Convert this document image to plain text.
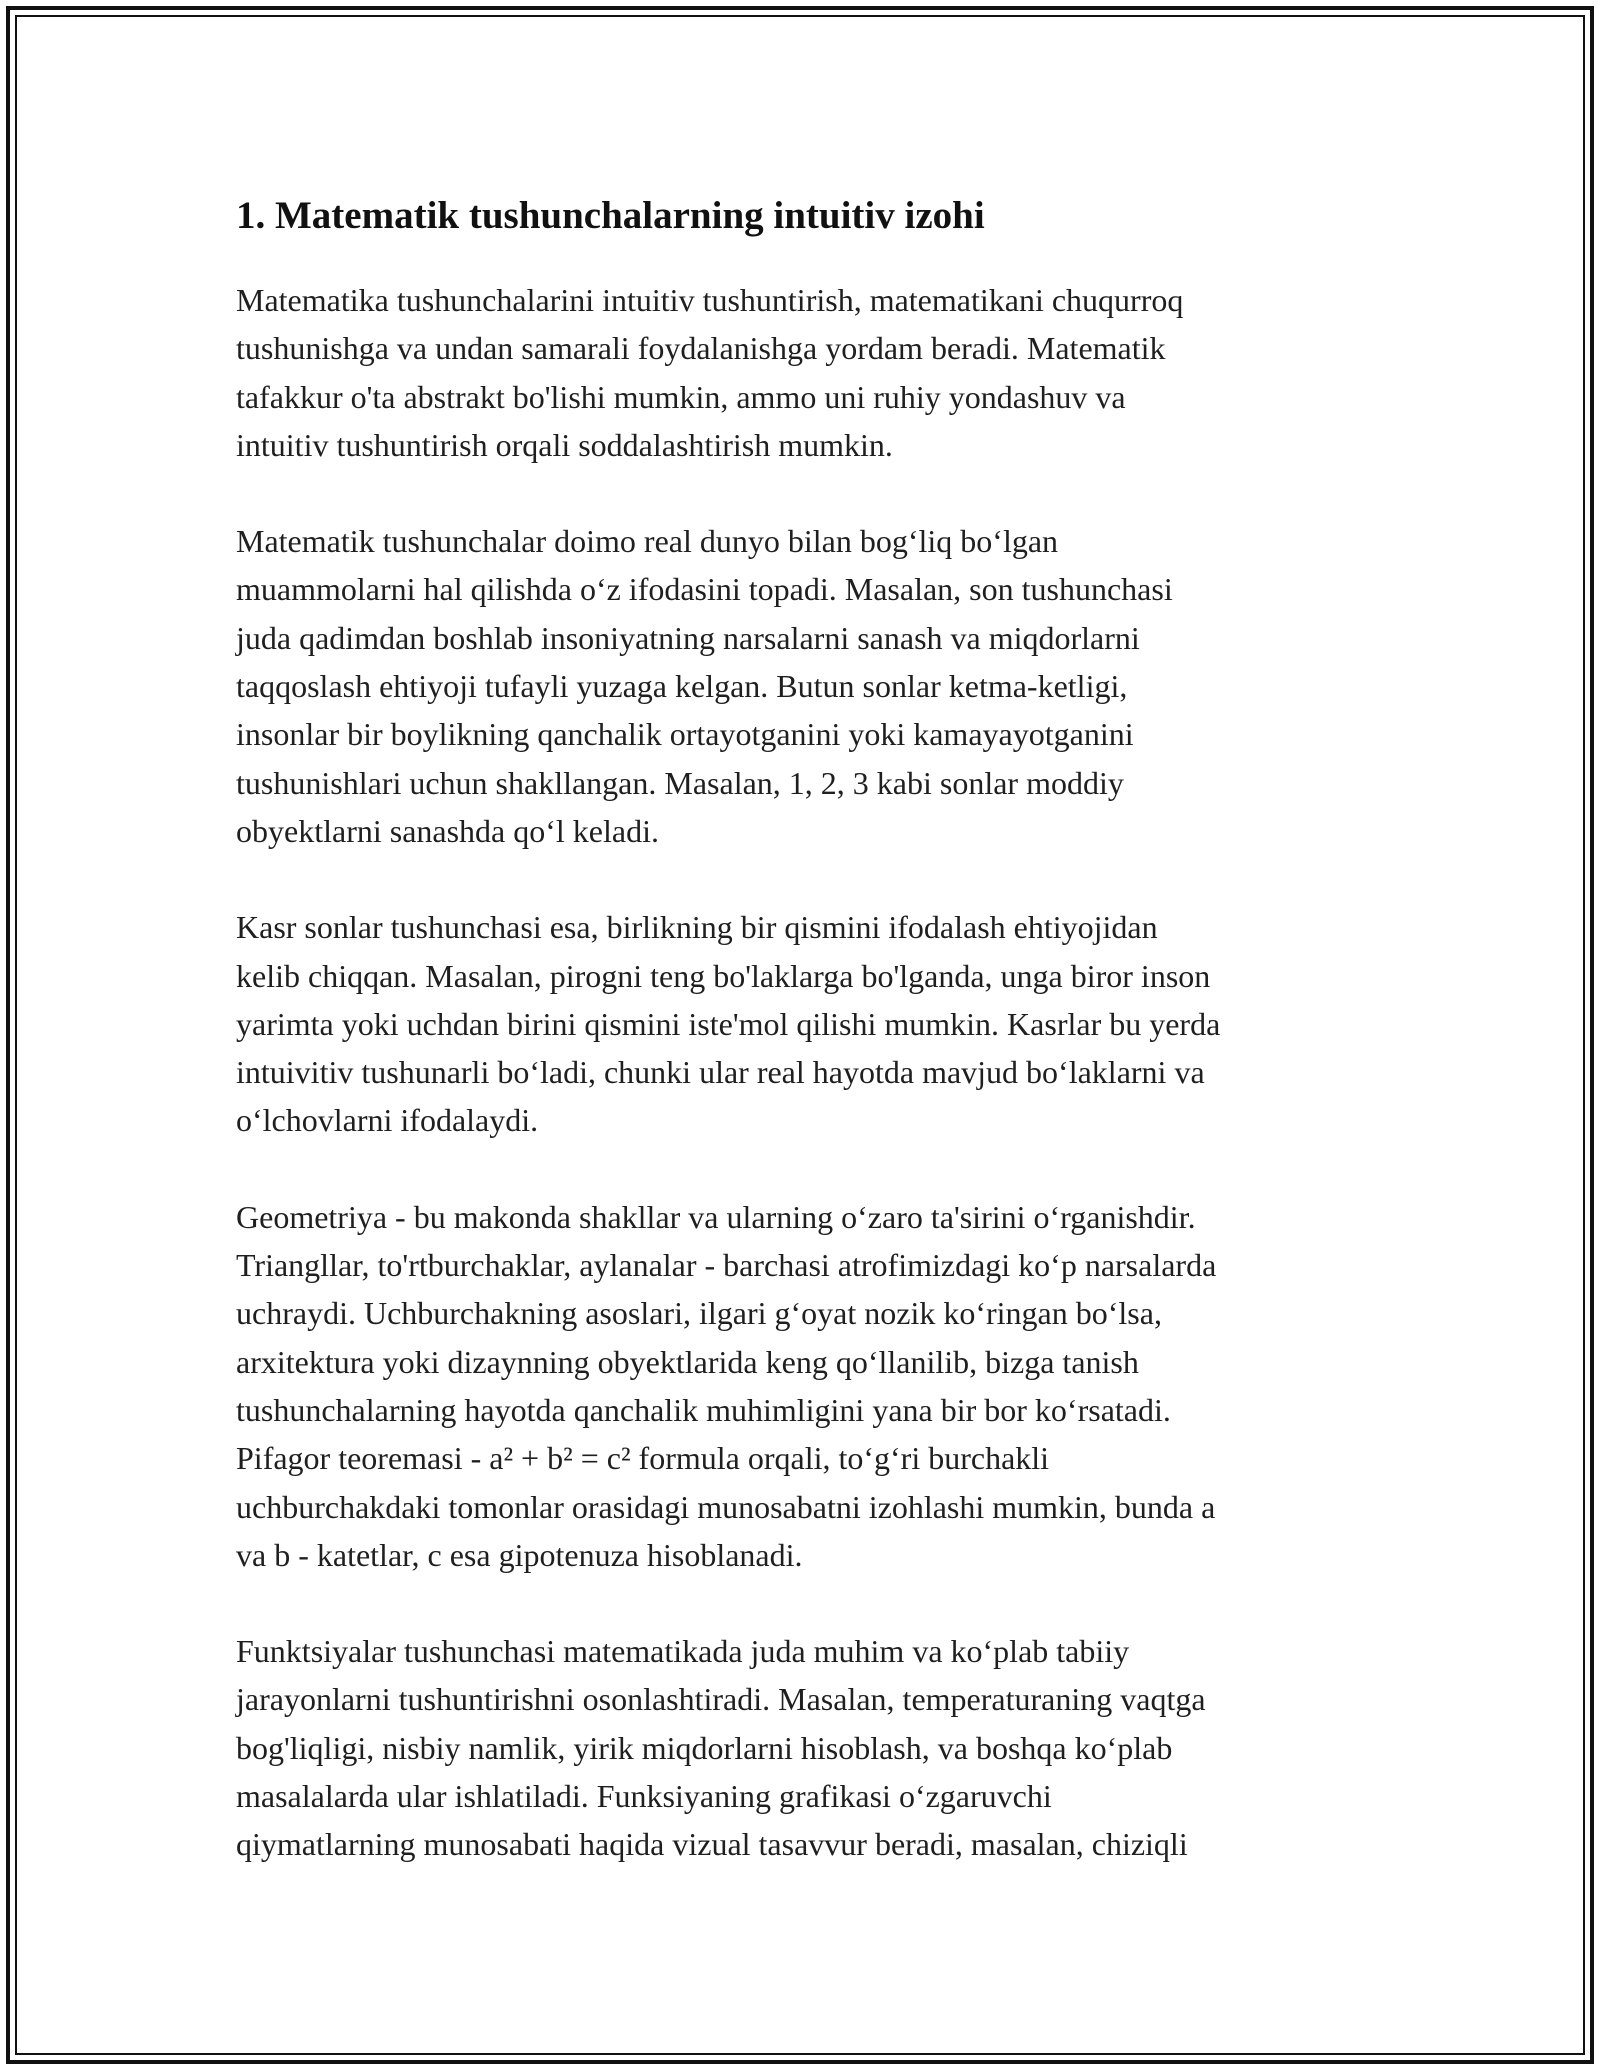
1. Matematik tushunchalarning intuitiv izohi

Matematika tushunchalarini intuitiv tushuntirish, matematikani chuqurroq
tushunishga va undan samarali foydalanishga yordam beradi. Matematik
tafakkur o'ta abstrakt bo'lishi mumkin, ammo uni ruhiy yondashuv va
intuitiv tushuntirish orqali soddalashtirish mumkin.

Matematik tushunchalar doimo real dunyo bilan bogʻliq boʻlgan
muammolarni hal qilishda oʻz ifodasini topadi. Masalan, son tushunchasi
juda qadimdan boshlab insoniyatning narsalarni sanash va miqdorlarni
taqqoslash ehtiyoji tufayli yuzaga kelgan. Butun sonlar ketma-ketligi,
insonlar bir boylikning qanchalik ortayotganini yoki kamayayotganini
tushunishlari uchun shakllangan. Masalan, 1, 2, 3 kabi sonlar moddiy
obyektlarni sanashda qoʻl keladi.

Kasr sonlar tushunchasi esa, birlikning bir qismini ifodalash ehtiyojidan
kelib chiqqan. Masalan, pirogni teng bo'laklarga bo'lganda, unga biror inson
yarimta yoki uchdan birini qismini iste'mol qilishi mumkin. Kasrlar bu yerda
intuivitiv tushunarli boʻladi, chunki ular real hayotda mavjud boʻlaklarni va
oʻlchovlarni ifodalaydi.

Geometriya - bu makonda shakllar va ularning oʻzaro ta'sirini oʻrganishdir.
Triangllar, to'rtburchaklar, aylanalar - barchasi atrofimizdagi koʻp narsalarda
uchraydi. Uchburchakning asoslari, ilgari gʻoyat nozik koʻringan boʻlsa,
arxitektura yoki dizaynning obyektlarida keng qoʻllanilib, bizga tanish
tushunchalarning hayotda qanchalik muhimligini yana bir bor koʻrsatadi.
Pifagor teoremasi - a² + b² = c² formula orqali, toʻgʻri burchakli
uchburchakdaki tomonlar orasidagi munosabatni izohlashi mumkin, bunda a
va b - katetlar, c esa gipotenuza hisoblanadi.

Funktsiyalar tushunchasi matematikada juda muhim va koʻplab tabiiy
jarayonlarni tushuntirishni osonlashtiradi. Masalan, temperaturaning vaqtga
bog'liqligi, nisbiy namlik, yirik miqdorlarni hisoblash, va boshqa koʻplab
masalalarda ular ishlatiladi. Funksiyaning grafikasi oʻzgaruvchi
qiymatlarning munosabati haqida vizual tasavvur beradi, masalan, chiziqli
